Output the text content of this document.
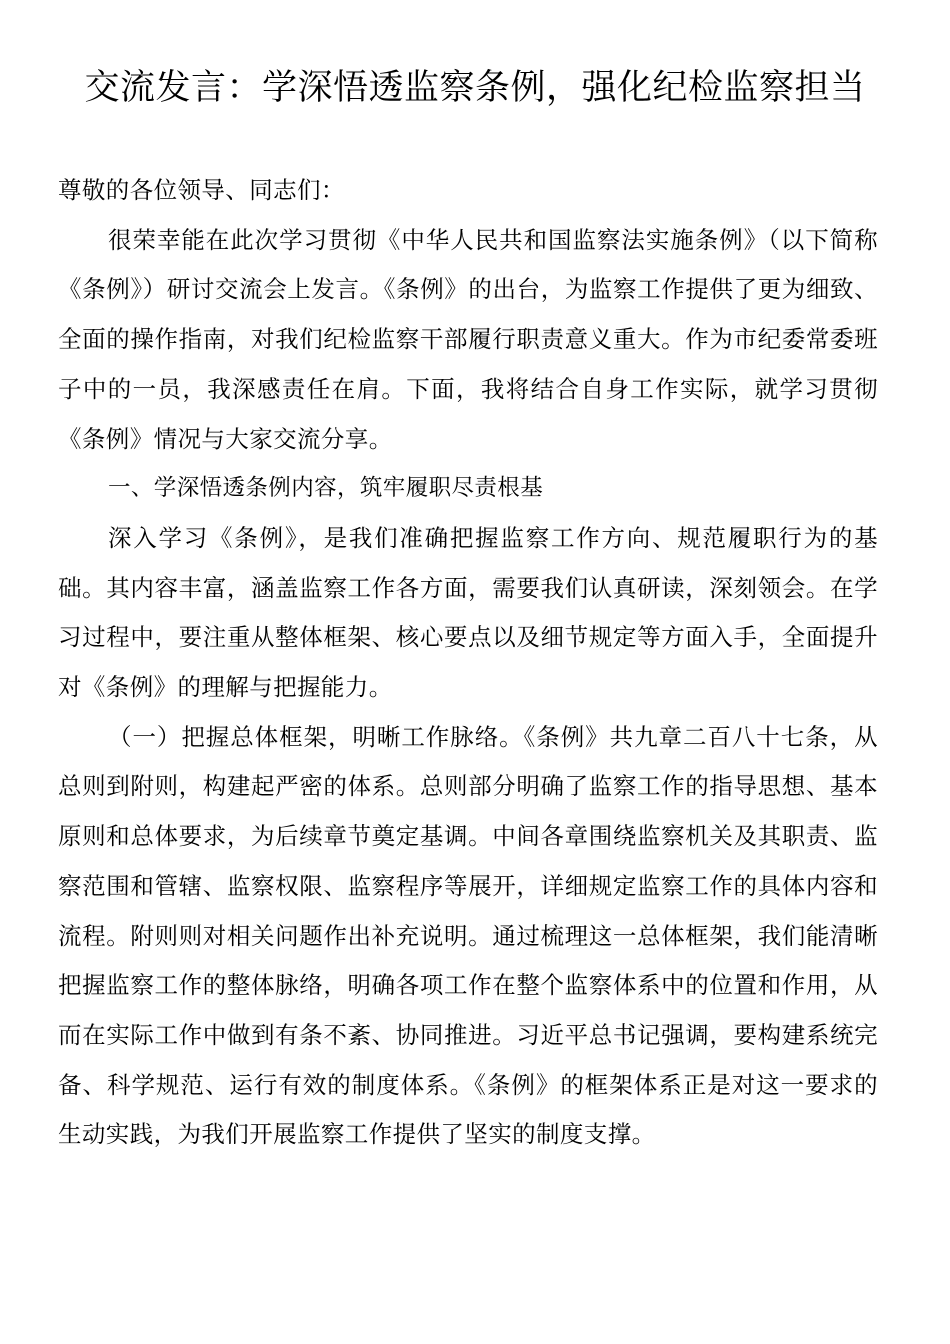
交流发言：学深悟透监察条例，强化纪检监察担当

尊敬的各位领导、同志们：

很荣幸能在此次学习贯彻《中华人民共和国监察法实施条例》（以下简称《条例》）研讨交流会上发言。《条例》的出台，为监察工作提供了更为细致、全面的操作指南，对我们纪检监察干部履行职责意义重大。作为市纪委常委班子中的一员，我深感责任在肩。下面，我将结合自身工作实际，就学习贯彻《条例》情况与大家交流分享。

一、学深悟透条例内容，筑牢履职尽责根基

深入学习《条例》，是我们准确把握监察工作方向、规范履职行为的基础。其内容丰富，涵盖监察工作各方面，需要我们认真研读，深刻领会。在学习过程中，要注重从整体框架、核心要点以及细节规定等方面入手，全面提升对《条例》的理解与把握能力。

（一）把握总体框架，明晰工作脉络。《条例》共九章二百八十七条，从总则到附则，构建起严密的体系。总则部分明确了监察工作的指导思想、基本原则和总体要求，为后续章节奠定基调。中间各章围绕监察机关及其职责、监察范围和管辖、监察权限、监察程序等展开，详细规定监察工作的具体内容和流程。附则则对相关问题作出补充说明。通过梳理这一总体框架，我们能清晰把握监察工作的整体脉络，明确各项工作在整个监察体系中的位置和作用，从而在实际工作中做到有条不紊、协同推进。习近平总书记强调，要构建系统完备、科学规范、运行有效的制度体系。《条例》的框架体系正是对这一要求的生动实践，为我们开展监察工作提供了坚实的制度支撑。
